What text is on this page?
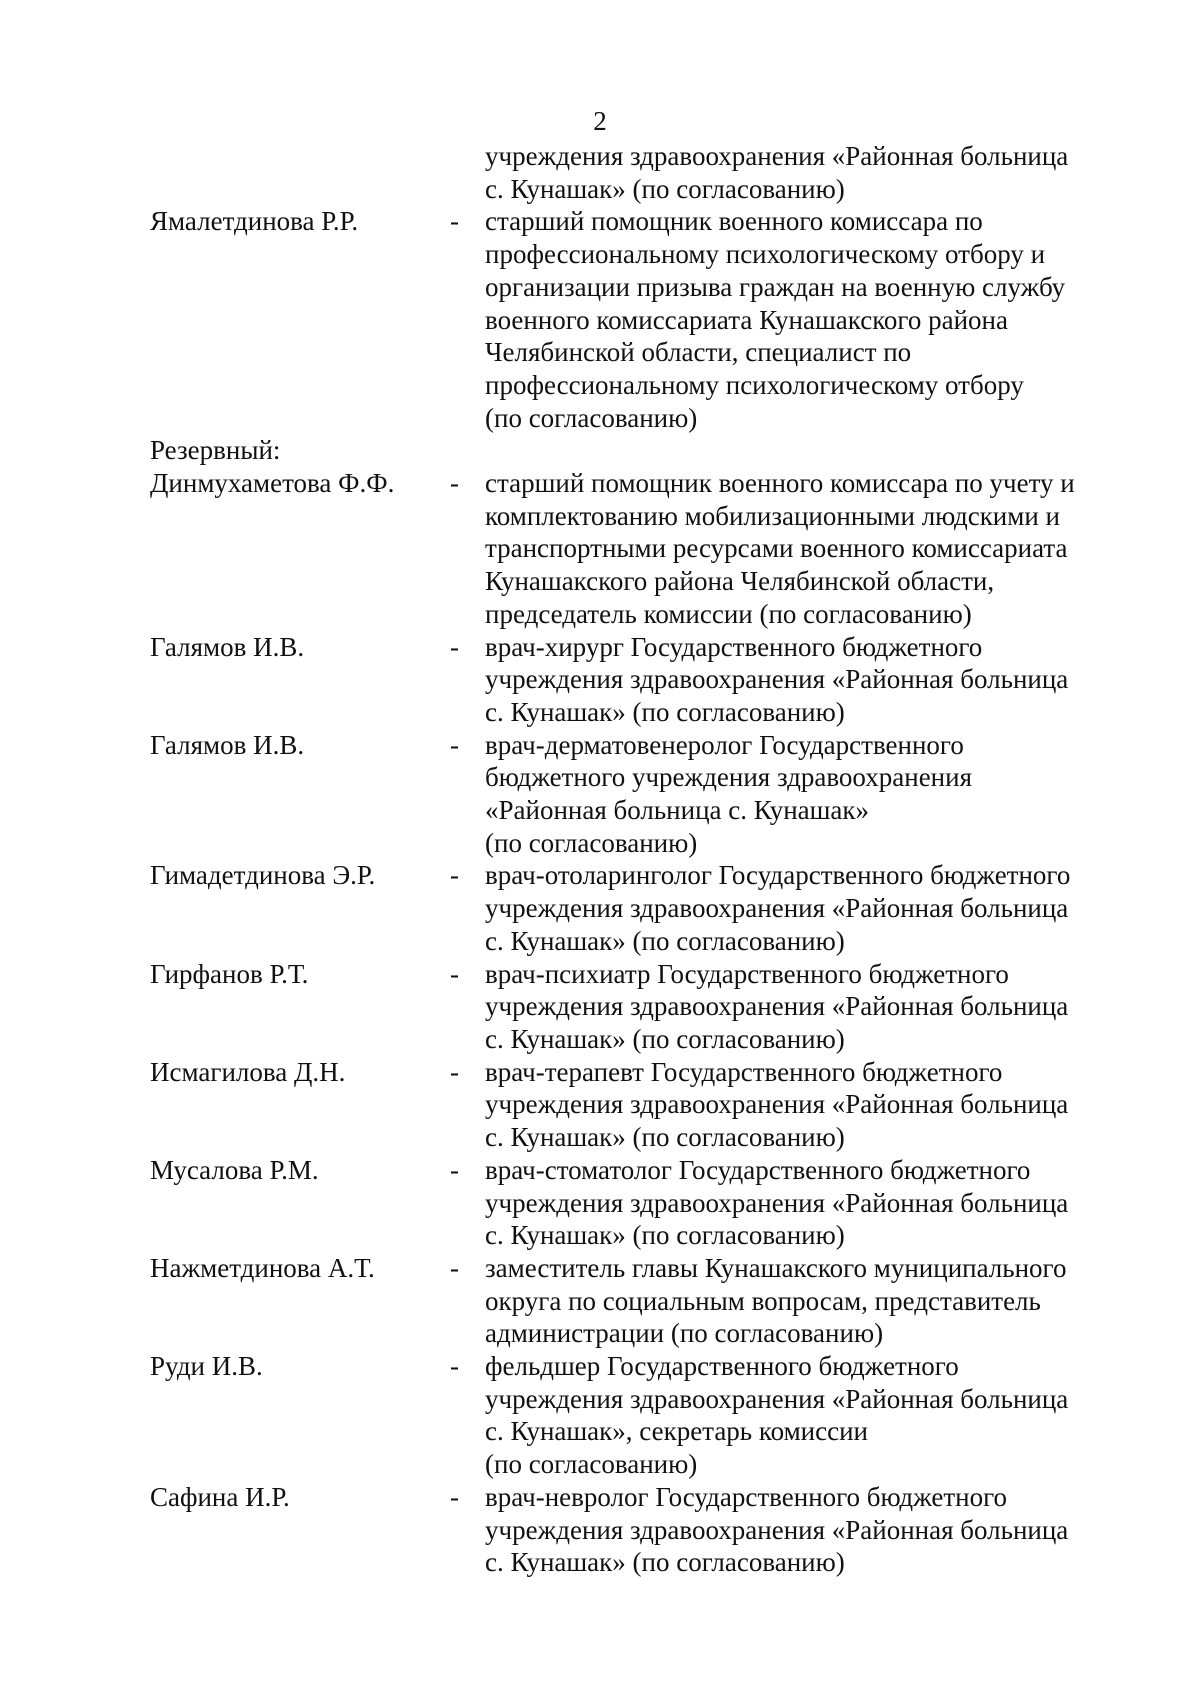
2
учреждения здравоохранения «Районная больница
с. Кунашак» (по согласованию)
Ямалетдинова Р.Р.	- старший помощник военного комиссара по
профессиональному психологическому отбору и
организации призыва граждан на военную службу
военного комиссариата Кунашакского района
Челябинской области, специалист по
профессиональному психологическому отбору
(по согласованию)
Резервный:
Динмухаметова Ф.Ф.	- старший помощник военного комиссара по учету и
комплектованию мобилизационными людскими и
транспортными ресурсами военного комиссариата
Кунашакского района Челябинской области,
председатель комиссии (по согласованию)
Галямов И.В.	- врач-хирург Государственного бюджетного
учреждения здравоохранения «Районная больница
с. Кунашак» (по согласованию)
Галямов И.В.	- врач-дерматовенеролог Государственного
бюджетного учреждения здравоохранения
«Районная больница с. Кунашак»
(по согласованию)
Гимадетдинова Э.Р.	- врач-отоларинголог Государственного бюджетного
учреждения здравоохранения «Районная больница
с. Кунашак» (по согласованию)
Гирфанов Р.Т.	- врач-психиатр Государственного бюджетного
учреждения здравоохранения «Районная больница
с. Кунашак» (по согласованию)
Исмагилова Д.Н.	- врач-терапевт Государственного бюджетного
учреждения здравоохранения «Районная больница
с. Кунашак» (по согласованию)
Мусалова Р.М.	- врач-стоматолог Государственного бюджетного
учреждения здравоохранения «Районная больница
с. Кунашак» (по согласованию)
Нажметдинова А.Т.	- заместитель главы Кунашакского муниципального
округа по социальным вопросам, представитель
администрации (по согласованию)
Руди И.В.	- фельдшер Государственного бюджетного
учреждения здравоохранения «Районная больница
с. Кунашак», секретарь комиссии
(по согласованию)
Сафина И.Р.	- врач-невролог Государственного бюджетного
учреждения здравоохранения «Районная больница
с. Кунашак» (по согласованию)
